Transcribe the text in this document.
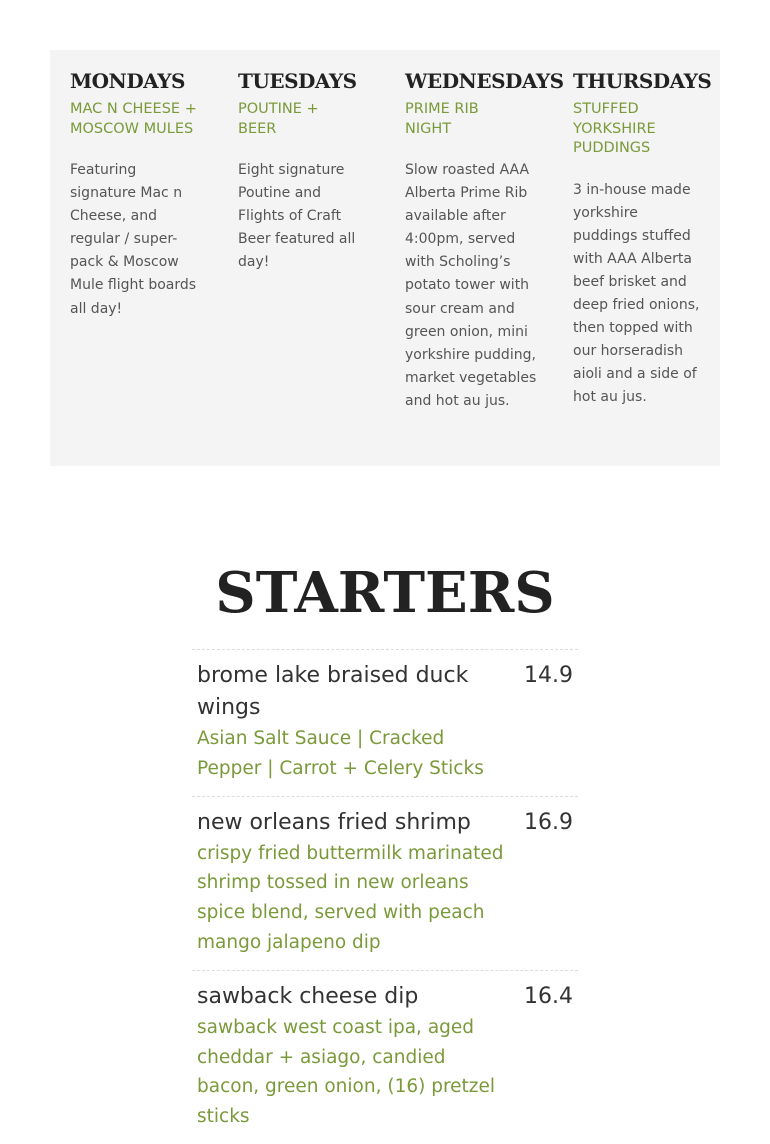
MONDAYS

MAC N CHEESE + MOSCOW MULES

Featuring signature Mac n Cheese, and regular / super-pack & Moscow Mule flight boards all day!

TUESDAYS

POUTINE + BEER

Eight signature Poutine and Flights of Craft Beer featured all day!

WEDNESDAYS

PRIME RIB NIGHT

Slow roasted AAA Alberta Prime Rib available after 4:00pm, served with Scholing’s potato tower with sour cream and green onion, mini yorkshire pudding, market vegetables and hot au jus.

THURSDAYS

STUFFED YORKSHIRE PUDDINGS

3 in-house made yorkshire puddings stuffed with AAA Alberta beef brisket and deep fried onions, then topped with our horseradish aioli and a side of hot au jus.

STARTERS

brome lake braised duck wings

14.9

Asian Salt Sauce | Cracked Pepper | Carrot + Celery Sticks

new orleans fried shrimp	16.9

crispy fried buttermilk marinated shrimp tossed in new orleans spice blend, served with peach mango jalapeno dip

sawback cheese dip	16.4

sawback west coast ipa, aged cheddar + asiago, candied bacon, green onion, (16) pretzel sticks
